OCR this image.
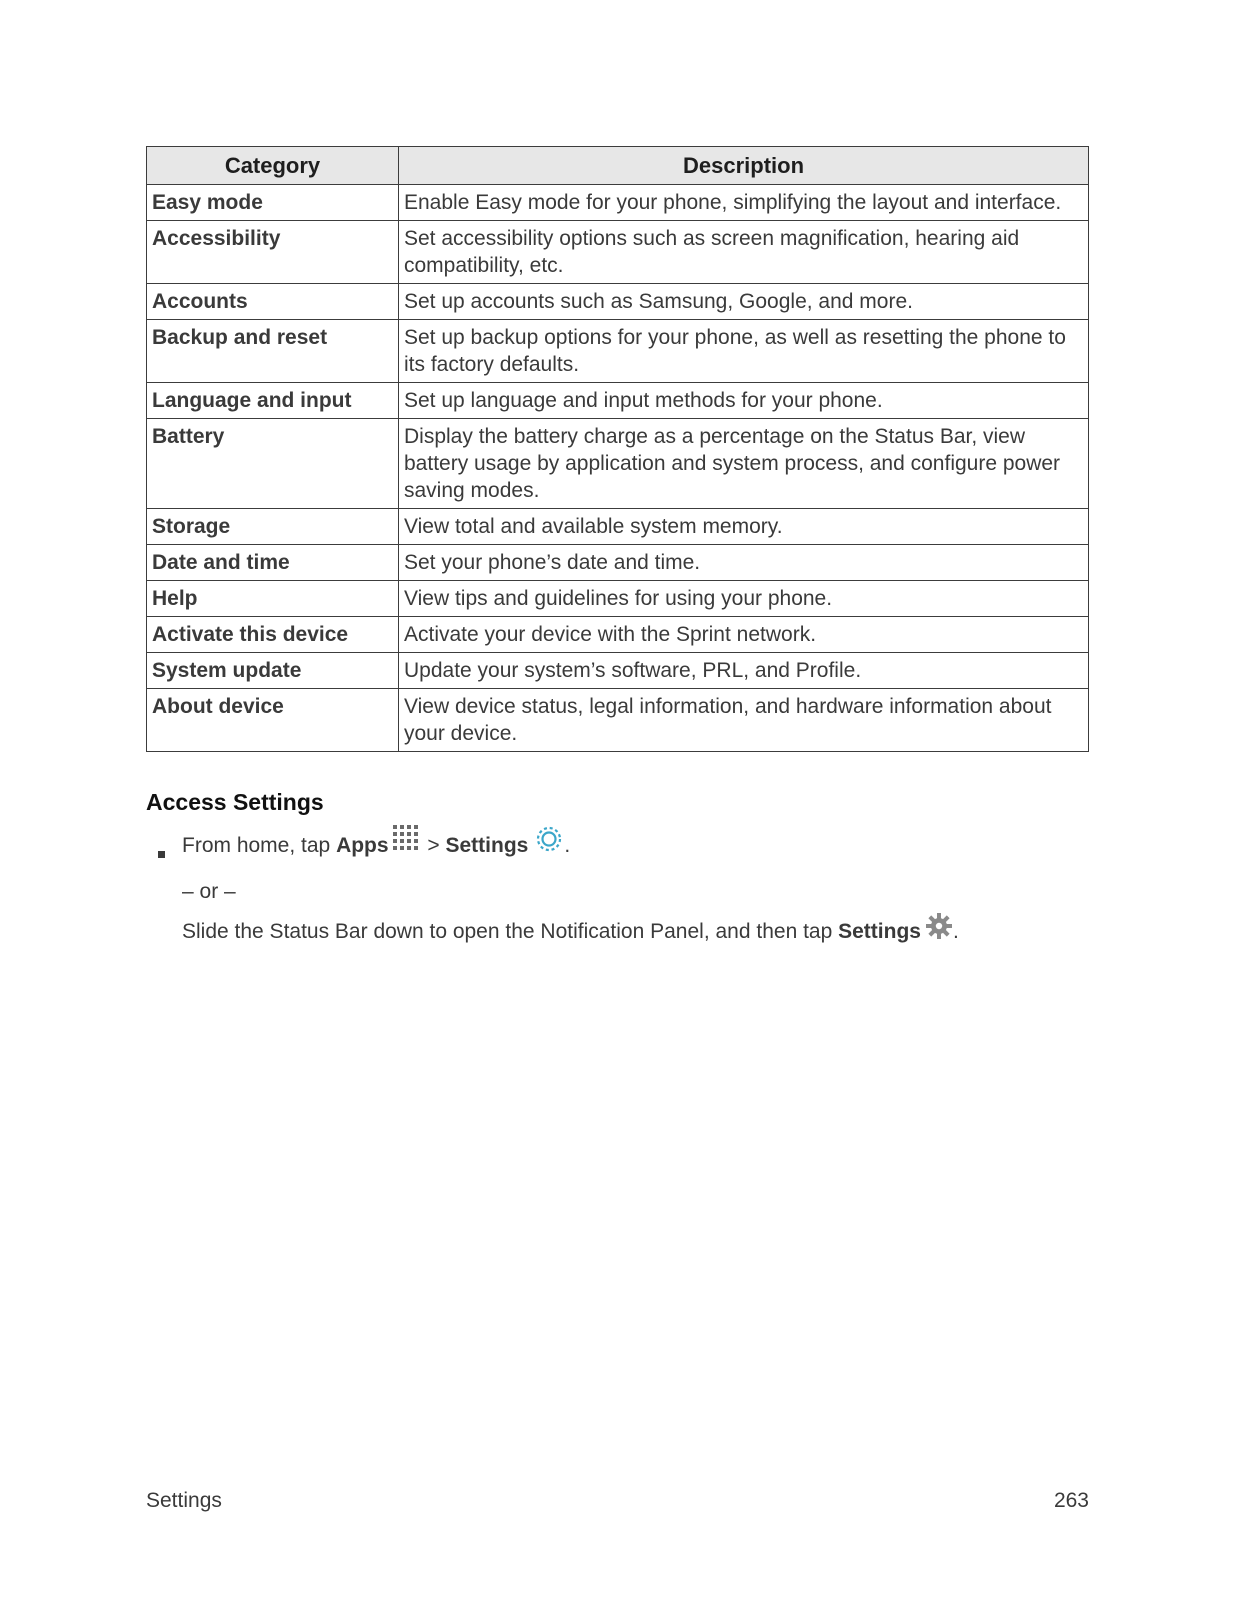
Category	Description
Easy mode	Enable Easy mode for your phone, simplifying the layout and interface.
Accessibility	Set accessibility options such as screen magnification, hearing aid compatibility, etc.
Accounts	Set up accounts such as Samsung, Google, and more.
Backup and reset	Set up backup options for your phone, as well as resetting the phone to its factory defaults.
Language and input	Set up language and input methods for your phone.
Battery	Display the battery charge as a percentage on the Status Bar, view battery usage by application and system process, and configure power saving modes.
Storage	View total and available system memory.
Date and time	Set your phone’s date and time.
Help	View tips and guidelines for using your phone.
Activate this device	Activate your device with the Sprint network.
System update	Update your system’s software, PRL, and Profile.
About device	View device status, legal information, and hardware information about your device.
Access Settings
From home, tap Apps > Settings .
– or –
Slide the Status Bar down to open the Notification Panel, and then tap Settings .
Settings	263
